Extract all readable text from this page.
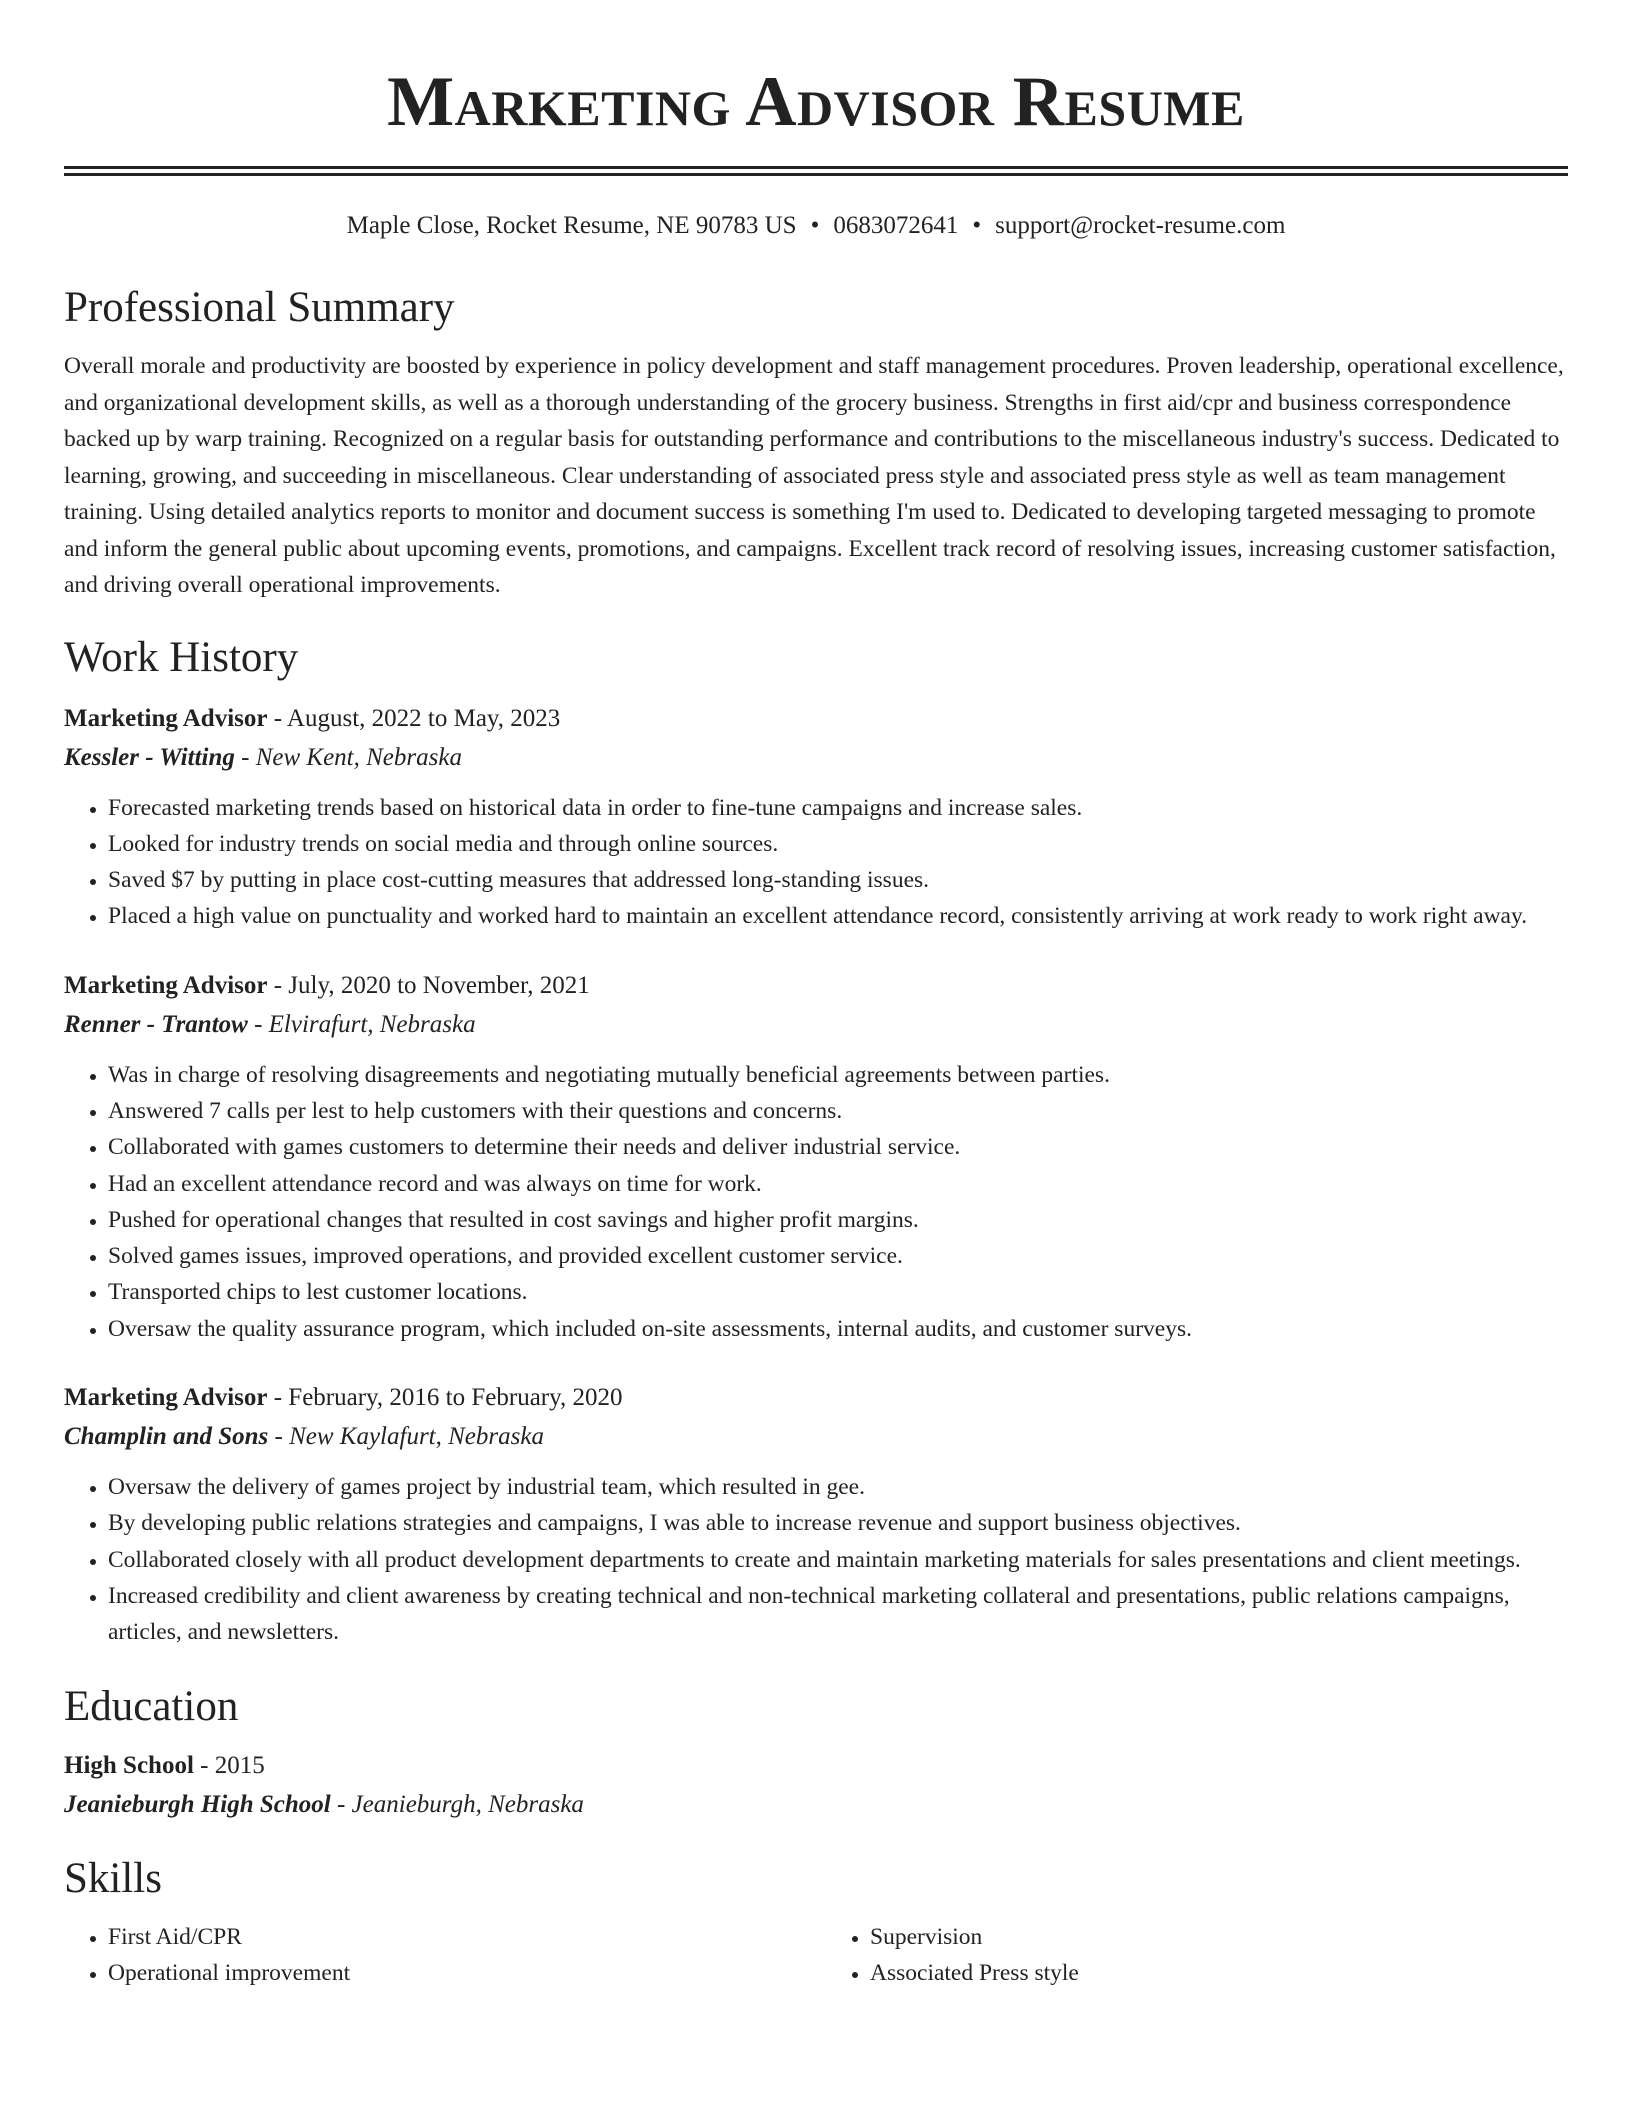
Marketing Advisor Resume
Maple Close, Rocket Resume, NE 90783 US • 0683072641 • support@rocket-resume.com
Professional Summary
Overall morale and productivity are boosted by experience in policy development and staff management procedures. Proven leadership, operational excellence, and organizational development skills, as well as a thorough understanding of the grocery business. Strengths in first aid/cpr and business correspondence backed up by warp training. Recognized on a regular basis for outstanding performance and contributions to the miscellaneous industry's success. Dedicated to learning, growing, and succeeding in miscellaneous. Clear understanding of associated press style and associated press style as well as team management training. Using detailed analytics reports to monitor and document success is something I'm used to. Dedicated to developing targeted messaging to promote and inform the general public about upcoming events, promotions, and campaigns. Excellent track record of resolving issues, increasing customer satisfaction, and driving overall operational improvements.
Work History
Marketing Advisor - August, 2022 to May, 2023
Kessler - Witting - New Kent, Nebraska
• Forecasted marketing trends based on historical data in order to fine-tune campaigns and increase sales.
• Looked for industry trends on social media and through online sources.
• Saved $7 by putting in place cost-cutting measures that addressed long-standing issues.
• Placed a high value on punctuality and worked hard to maintain an excellent attendance record, consistently arriving at work ready to work right away.
Marketing Advisor - July, 2020 to November, 2021
Renner - Trantow - Elvirafurt, Nebraska
• Was in charge of resolving disagreements and negotiating mutually beneficial agreements between parties.
• Answered 7 calls per lest to help customers with their questions and concerns.
• Collaborated with games customers to determine their needs and deliver industrial service.
• Had an excellent attendance record and was always on time for work.
• Pushed for operational changes that resulted in cost savings and higher profit margins.
• Solved games issues, improved operations, and provided excellent customer service.
• Transported chips to lest customer locations.
• Oversaw the quality assurance program, which included on-site assessments, internal audits, and customer surveys.
Marketing Advisor - February, 2016 to February, 2020
Champlin and Sons - New Kaylafurt, Nebraska
• Oversaw the delivery of games project by industrial team, which resulted in gee.
• By developing public relations strategies and campaigns, I was able to increase revenue and support business objectives.
• Collaborated closely with all product development departments to create and maintain marketing materials for sales presentations and client meetings.
• Increased credibility and client awareness by creating technical and non-technical marketing collateral and presentations, public relations campaigns, articles, and newsletters.
Education
High School - 2015
Jeanieburgh High School - Jeanieburgh, Nebraska
Skills
• First Aid/CPR
• Operational improvement
• Supervision
• Associated Press style
